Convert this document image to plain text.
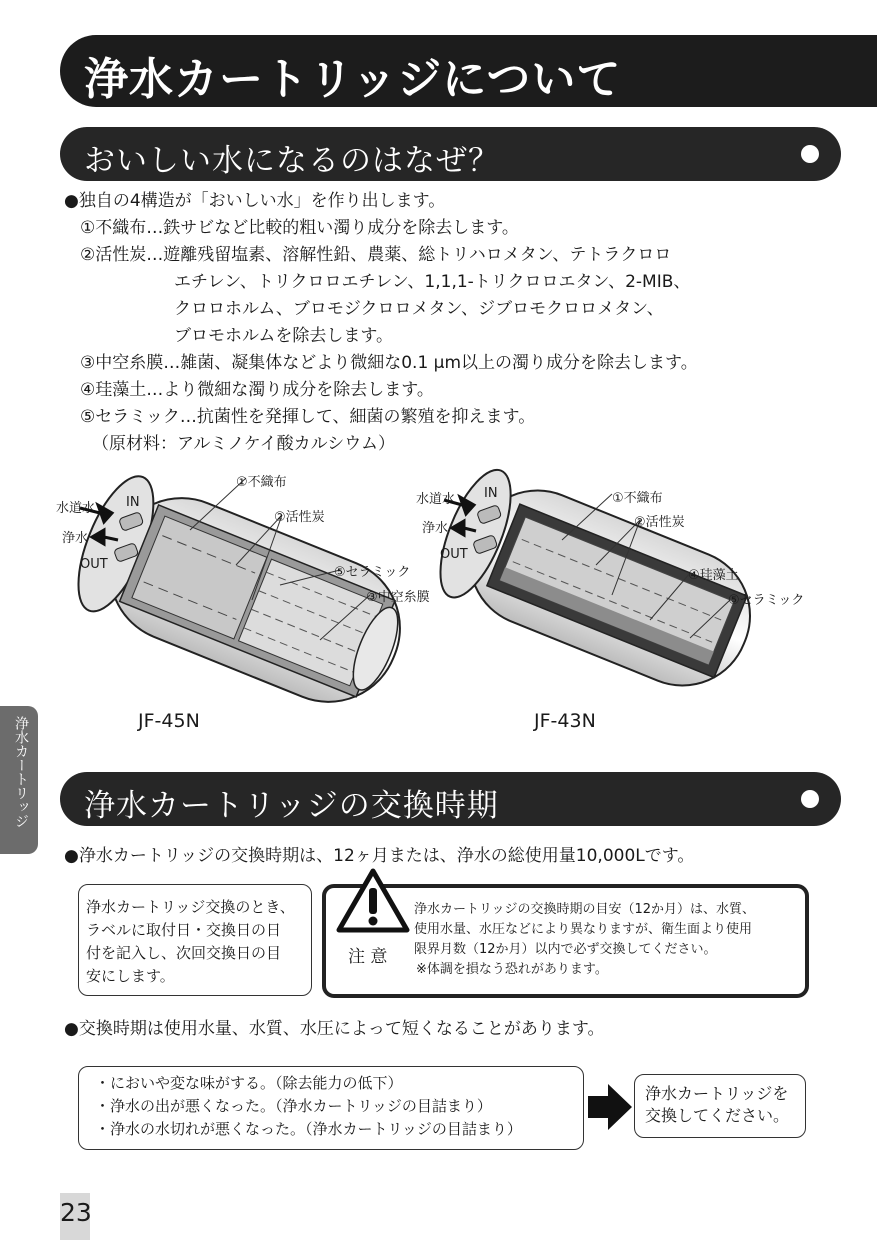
浄水カートリッジについて
おいしい水になるのはなぜ？
● 独自の4構造が「おいしい水」を作り出します。
①不織布…鉄サビなど比較的粗い濁り成分を除去します。
②活性炭…遊離残留塩素、溶解性鉛、農薬、総トリハロメタン、テトラクロロ
エチレン、トリクロロエチレン、1,1,1-トリクロロエタン、2-MIB、
クロロホルム、ブロモジクロロメタン、ジブロモクロロメタン、
ブロモホルムを除去します。
③中空糸膜…雑菌、凝集体などより微細な0.1 μm以上の濁り成分を除去します。
④珪藻土…より微細な濁り成分を除去します。
⑤セラミック…抗菌性を発揮して、細菌の繁殖を抑えます。
（原材料：アルミノケイ酸カルシウム）
水道水 IN
浄水
OUT
①不織布
②活性炭
⑤セラミック
③中空糸膜
JF-45N
水道水 IN
浄水
OUT
①不織布
②活性炭
④珪藻土
⑤セラミック
JF-43N
浄水カートリッジ 浄水カートリッジの交換時期
● 浄水カートリッジの交換時期は、12ヶ月または、浄水の総使用量10,000Lです。
浄水カートリッジ交換のとき、
ラベルに取付日・交換日の日
付を記入し、次回交換日の目
安にします。
注 意
浄水カートリッジの交換時期の目安（12か月）は、水質、
使用水量、水圧などにより異なりますが、衛生面より使用
限界月数（12か月）以内で必ず交換してください。
※体調を損なう恐れがあります。
● 交換時期は使用水量、水質、水圧によって短くなることがあります。
・においや変な味がする。（除去能力の低下）
・浄水の出が悪くなった。（浄水カートリッジの目詰まり）
・浄水の水切れが悪くなった。（浄水カートリッジの目詰まり）
浄水カートリッジを
交換してください。
23
